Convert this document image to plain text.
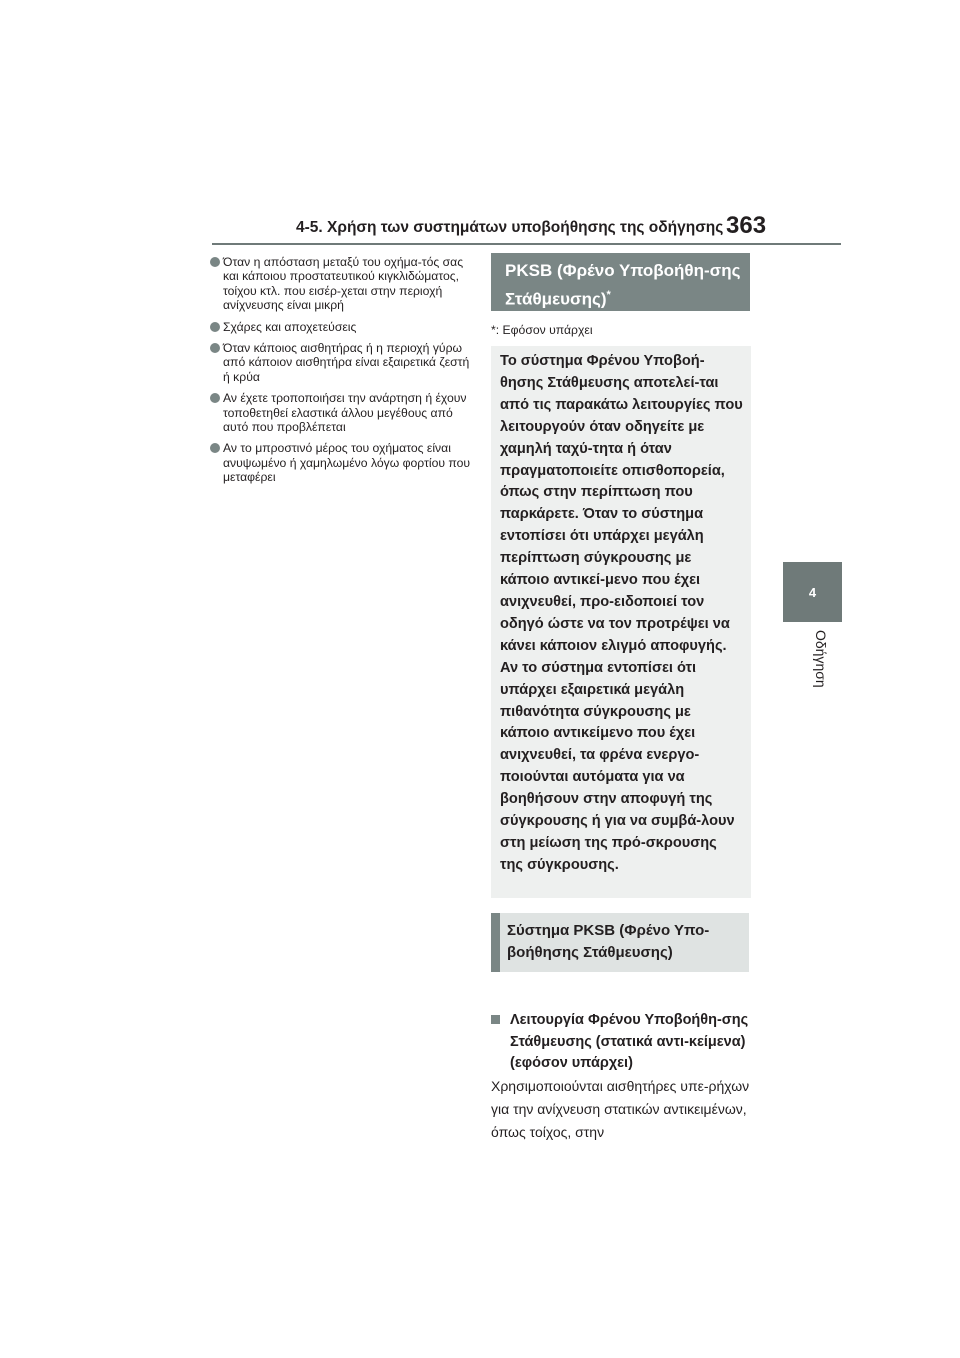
4-5. Χρήση των συστημάτων υποβοήθησης της οδήγησης 363
4
Οδήγηση
Όταν η απόσταση μεταξύ του οχήμα-τός σας και κάποιου προστατευτικού κιγκλιδώματος, τοίχου κτλ. που εισέρ-χεται στην περιοχή ανίχνευσης είναι μικρή
Σχάρες και αποχετεύσεις
Όταν κάποιος αισθητήρας ή η περιοχή γύρω από κάποιον αισθητήρα είναι εξαιρετικά ζεστή ή κρύα
Αν έχετε τροποποιήσει την ανάρτηση ή έχουν τοποθετηθεί ελαστικά άλλου μεγέθους από αυτό που προβλέπεται
Αν το μπροστινό μέρος του οχήματος είναι ανυψωμένο ή χαμηλωμένο λόγω φορτίου που μεταφέρει
PKSB (Φρένο Υποβοήθη-σης Στάθμευσης)*
*: Εφόσον υπάρχει
Το σύστημα Φρένου Υποβοή-θησης Στάθμευσης αποτελεί-ται από τις παρακάτω λειτουργίες που λειτουργούν όταν οδηγείτε με χαμηλή ταχύ-τητα ή όταν πραγματοποιείτε οπισθοπορεία, όπως στην περίπτωση που παρκάρετε. Όταν το σύστημα εντοπίσει ότι υπάρχει μεγάλη περίπτωση σύγκρουσης με κάποιο αντικεί-μενο που έχει ανιχνευθεί, προ-ειδοποιεί τον οδηγό ώστε να τον προτρέψει να κάνει κάποιον ελιγμό αποφυγής. Αν το σύστημα εντοπίσει ότι υπάρχει εξαιρετικά μεγάλη πιθανότητα σύγκρουσης με κάποιο αντικείμενο που έχει ανιχνευθεί, τα φρένα ενεργο-ποιούνται αυτόματα για να βοηθήσουν στην αποφυγή της σύγκρουσης ή για να συμβά-λουν στη μείωση της πρό-σκρουσης της σύγκρουσης.
Σύστημα PKSB (Φρένο Υπο-βοήθησης Στάθμευσης)
Λειτουργία Φρένου Υποβοήθη-σης Στάθμευσης (στατικά αντι-κείμενα) (εφόσον υπάρχει)
Χρησιμοποιούνται αισθητήρες υπε-ρήχων για την ανίχνευση στατικών αντικειμένων, όπως τοίχος, στην
